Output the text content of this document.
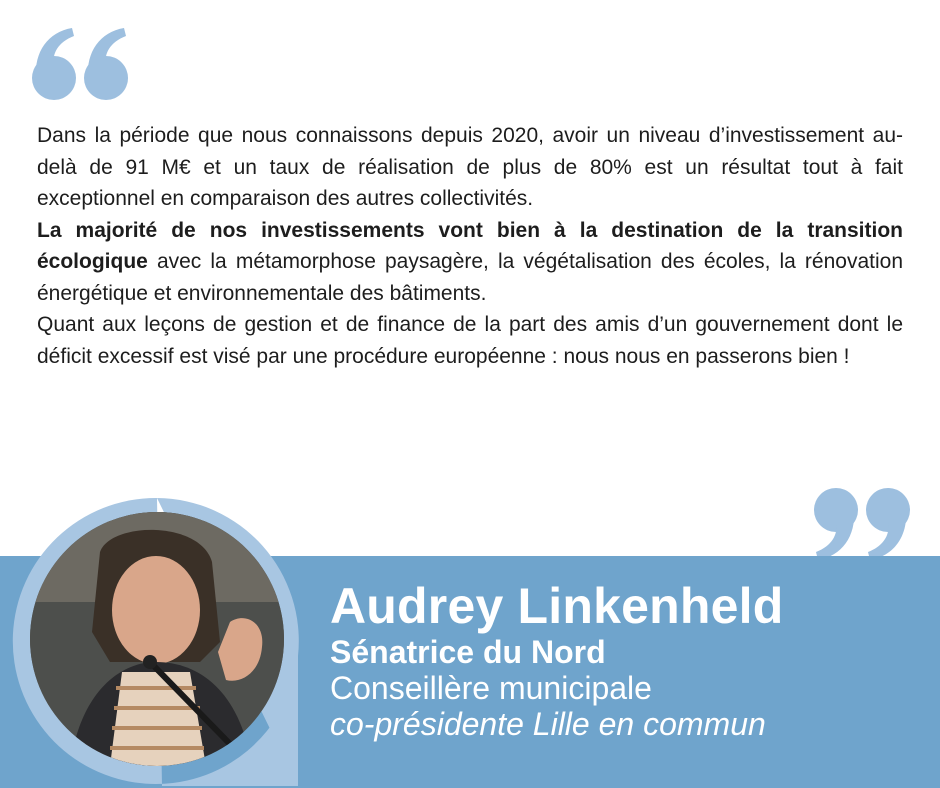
Dans la période que nous connaissons depuis 2020, avoir un niveau d’investissement au-delà de 91 M€ et un taux de réalisation de plus de 80% est un résultat tout à fait exceptionnel en comparaison des autres collectivités.

La majorité de nos investissements vont bien à la destination de la transition écologique avec la métamorphose paysagère, la végétalisation des écoles, la rénovation énergétique et environnementale des bâtiments.

Quant aux leçons de gestion et de finance de la part des amis d’un gouvernement dont le déficit excessif est visé par une procédure européenne : nous nous en passerons bien !

Audrey Linkenheld
Sénatrice du Nord
Conseillère municipale
co-présidente Lille en commun
